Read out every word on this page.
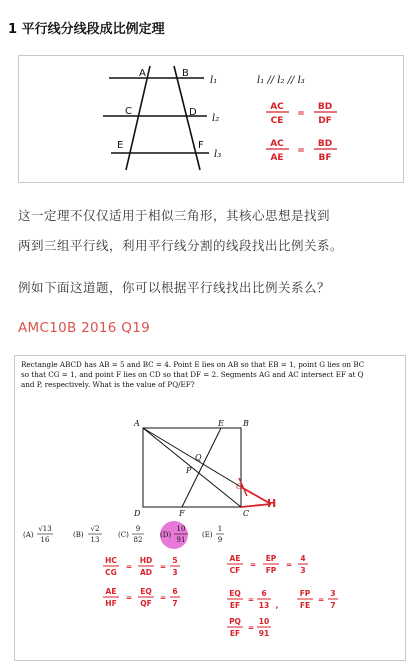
1 平行线分线段成比例定理
A	B
C	D
E	F
l₁
l₂
l₃
l₁ // l₂ // l₃
AC
CE
=
BD
DF
AC
AE
=
BD
BF
这一定理不仅仅适用于相似三角形，其核心思想是找到
两到三组平行线，利用平行线分割的线段找出比例关系。
例如下面这道题，你可以根据平行线找出比例关系么？
AMC10B 2016 Q19
Rectangle ABCD has AB = 5 and BC = 4. Point E lies on AB so that EB = 1, point G lies on BC
so that CG = 1, and point F lies on CD so that DF = 2. Segments AG and AC intersect EF at Q
and P, respectively. What is the value of PQ/EF?
A	B
C
D
E
F
Q
P
G
H
(A)
√13
16
(B)
√2
13
(C)
9
82
(D)
10
91
(E)
1
9
HC
CG
=
HD
AD
=
5
3
AE
CF
=
EP
FP
=
4
3
AE
HF
=
EQ
QF
=
6
7
EQ
EF
=
6
13 ,
FP
FE
=
3
7
PQ
EF
=
10
91
